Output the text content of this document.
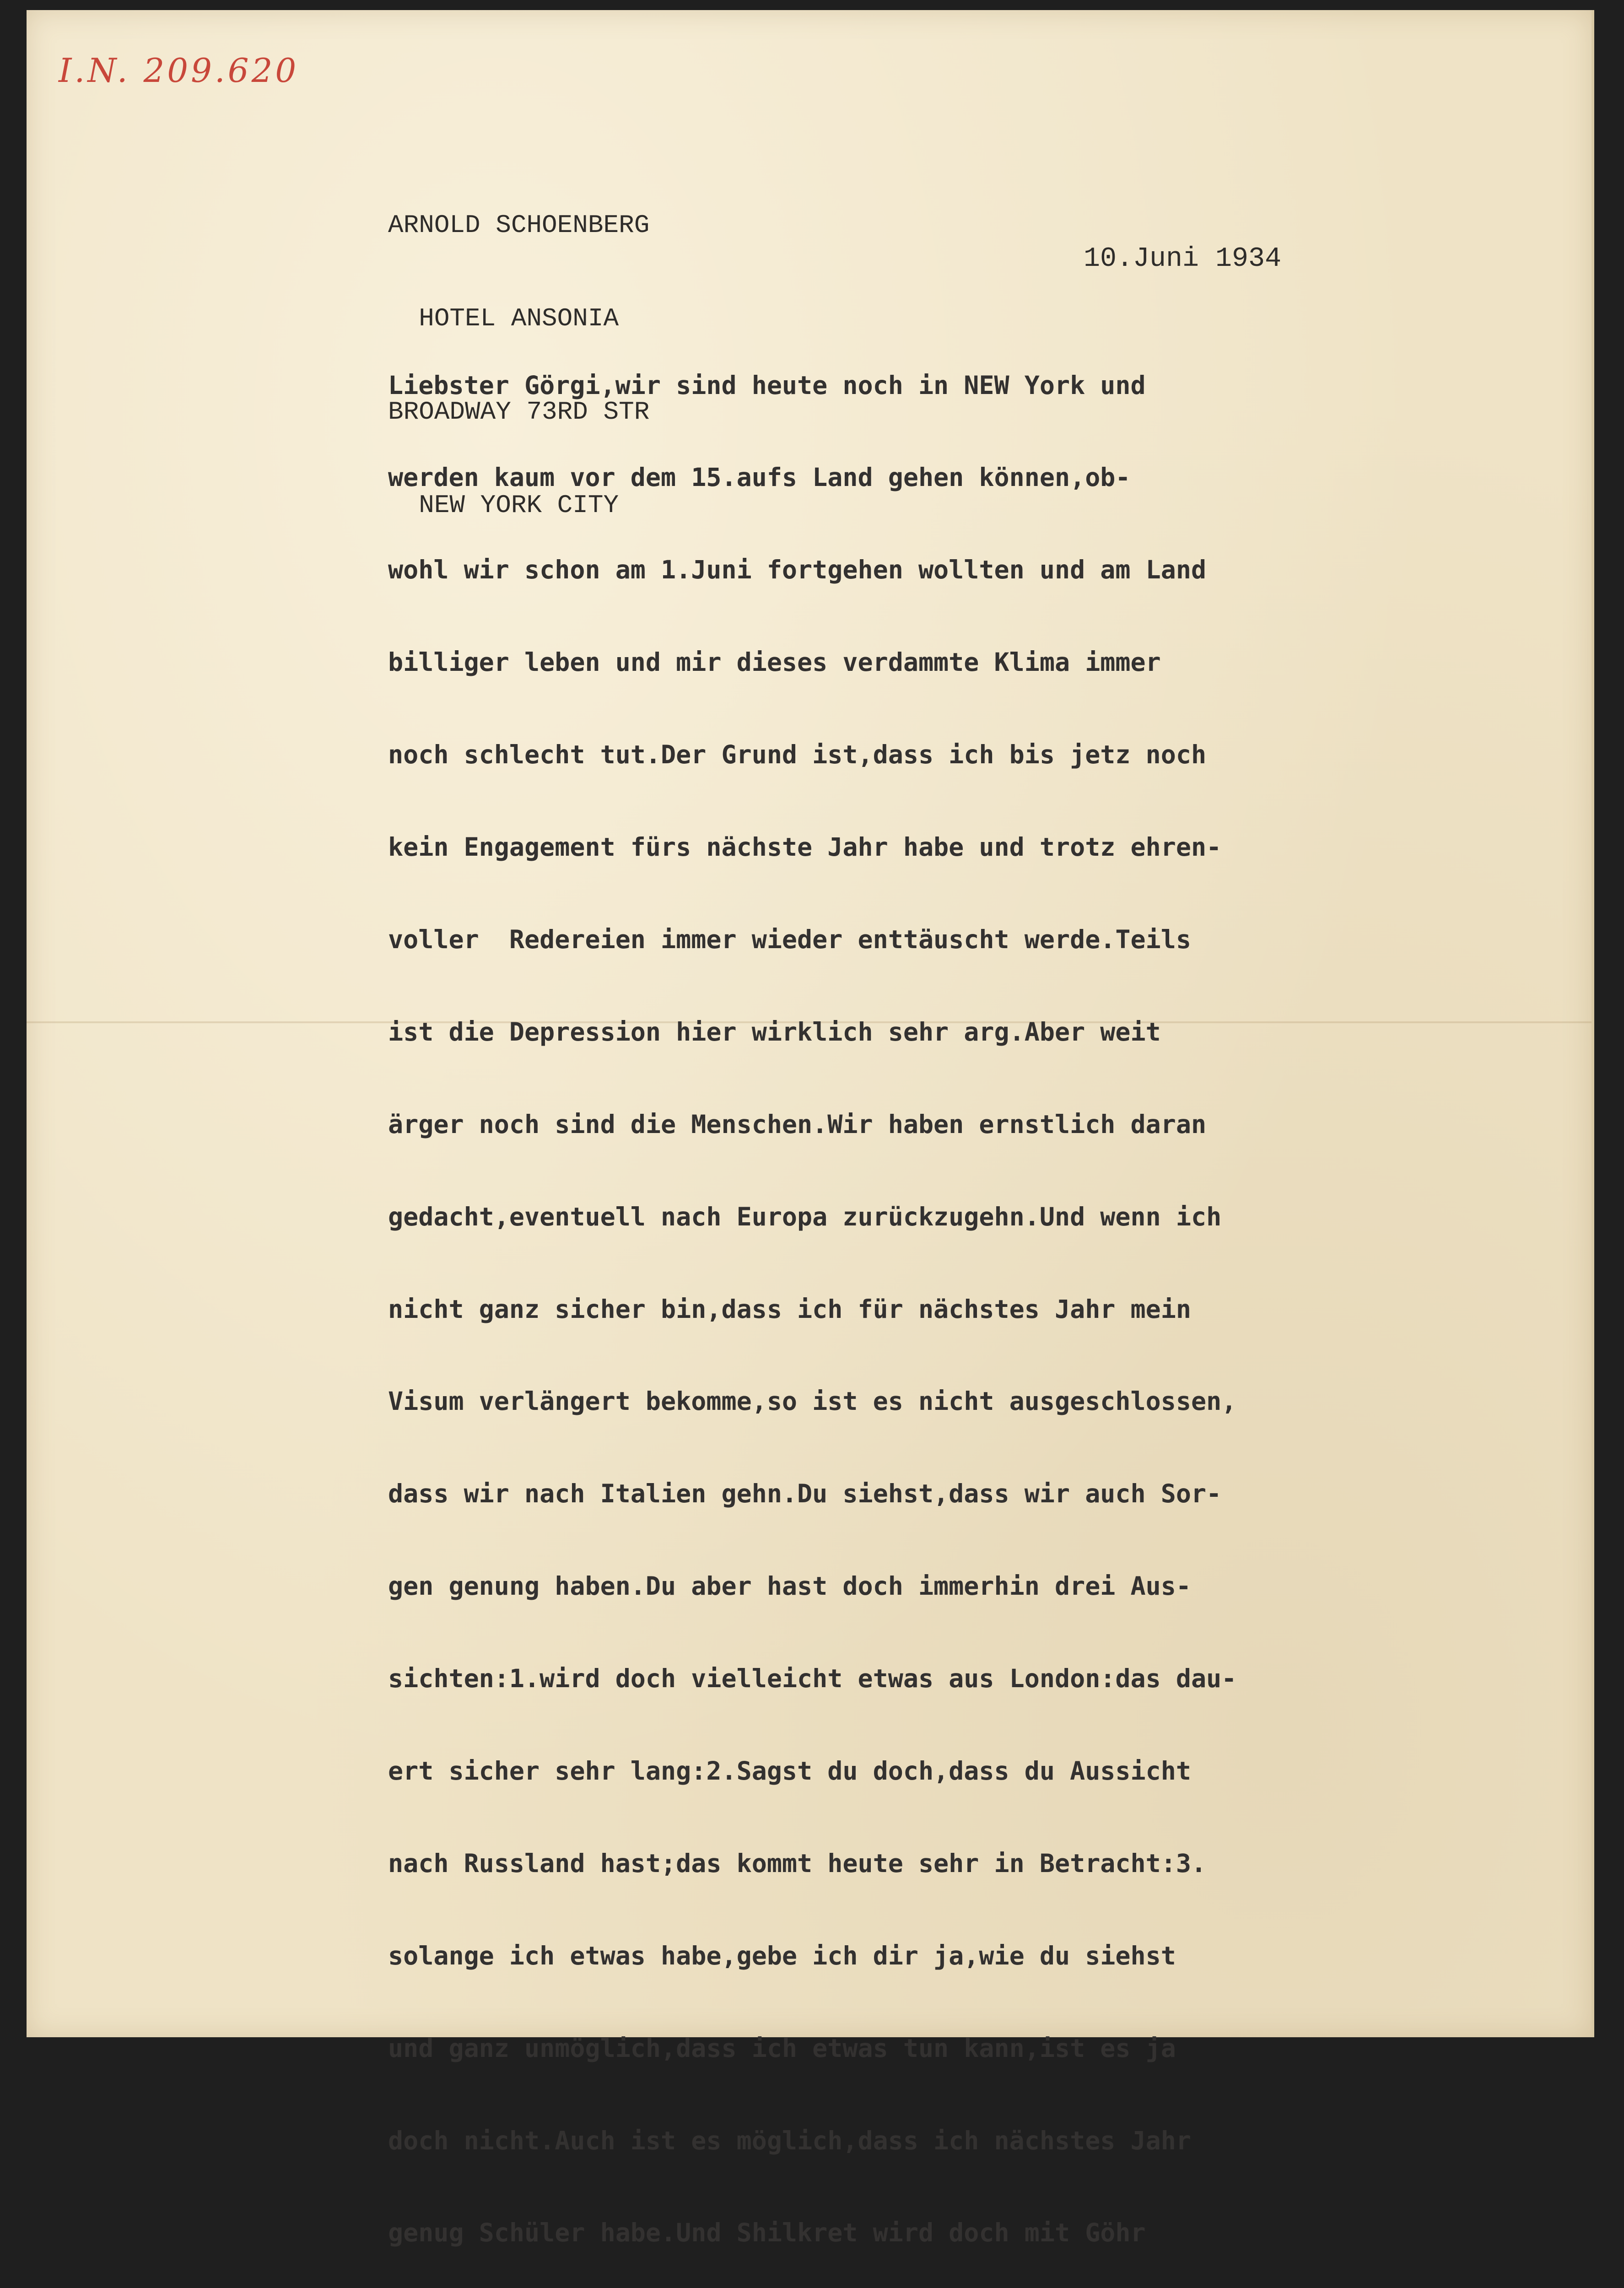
I.N. 209.620

ARNOLD SCHOENBERG

HOTEL ANSONIA

BROADWAY 73RD STR

NEW YORK CITY

10.Juni 1934

Liebster Görgi,wir sind heute noch in NEW York und

werden kaum vor dem 15.aufs Land gehen können,ob-

wohl wir schon am 1.Juni fortgehen wollten und am Land

billiger leben und mir dieses verdammte Klima immer

noch schlecht tut.Der Grund ist,dass ich bis jetz noch

kein Engagement fürs nächste Jahr habe und trotz ehren-

voller  Redereien immer wieder enttäuscht werde.Teils

ist die Depression hier wirklich sehr arg.Aber weit

ärger noch sind die Menschen.Wir haben ernstlich daran

gedacht,eventuell nach Europa zurückzugehn.Und wenn ich

nicht ganz sicher bin,dass ich für nächstes Jahr mein

Visum verlängert bekomme,so ist es nicht ausgeschlossen,

dass wir nach Italien gehn.Du siehst,dass wir auch Sor-

gen genung haben.Du aber hast doch immerhin drei Aus-

sichten:1.wird doch vielleicht etwas aus London:das dau-

ert sicher sehr lang:2.Sagst du doch,dass du Aussicht

nach Russland hast;das kommt heute sehr in Betracht:3.

solange ich etwas habe,gebe ich dir ja,wie du siehst

und ganz unmöglich,dass ich etwas tun kann,ist es ja

doch nicht.Auch ist es möglich,dass ich nächstes Jahr

genug Schüler habe.Und Shilkret wird doch mit Göhr
